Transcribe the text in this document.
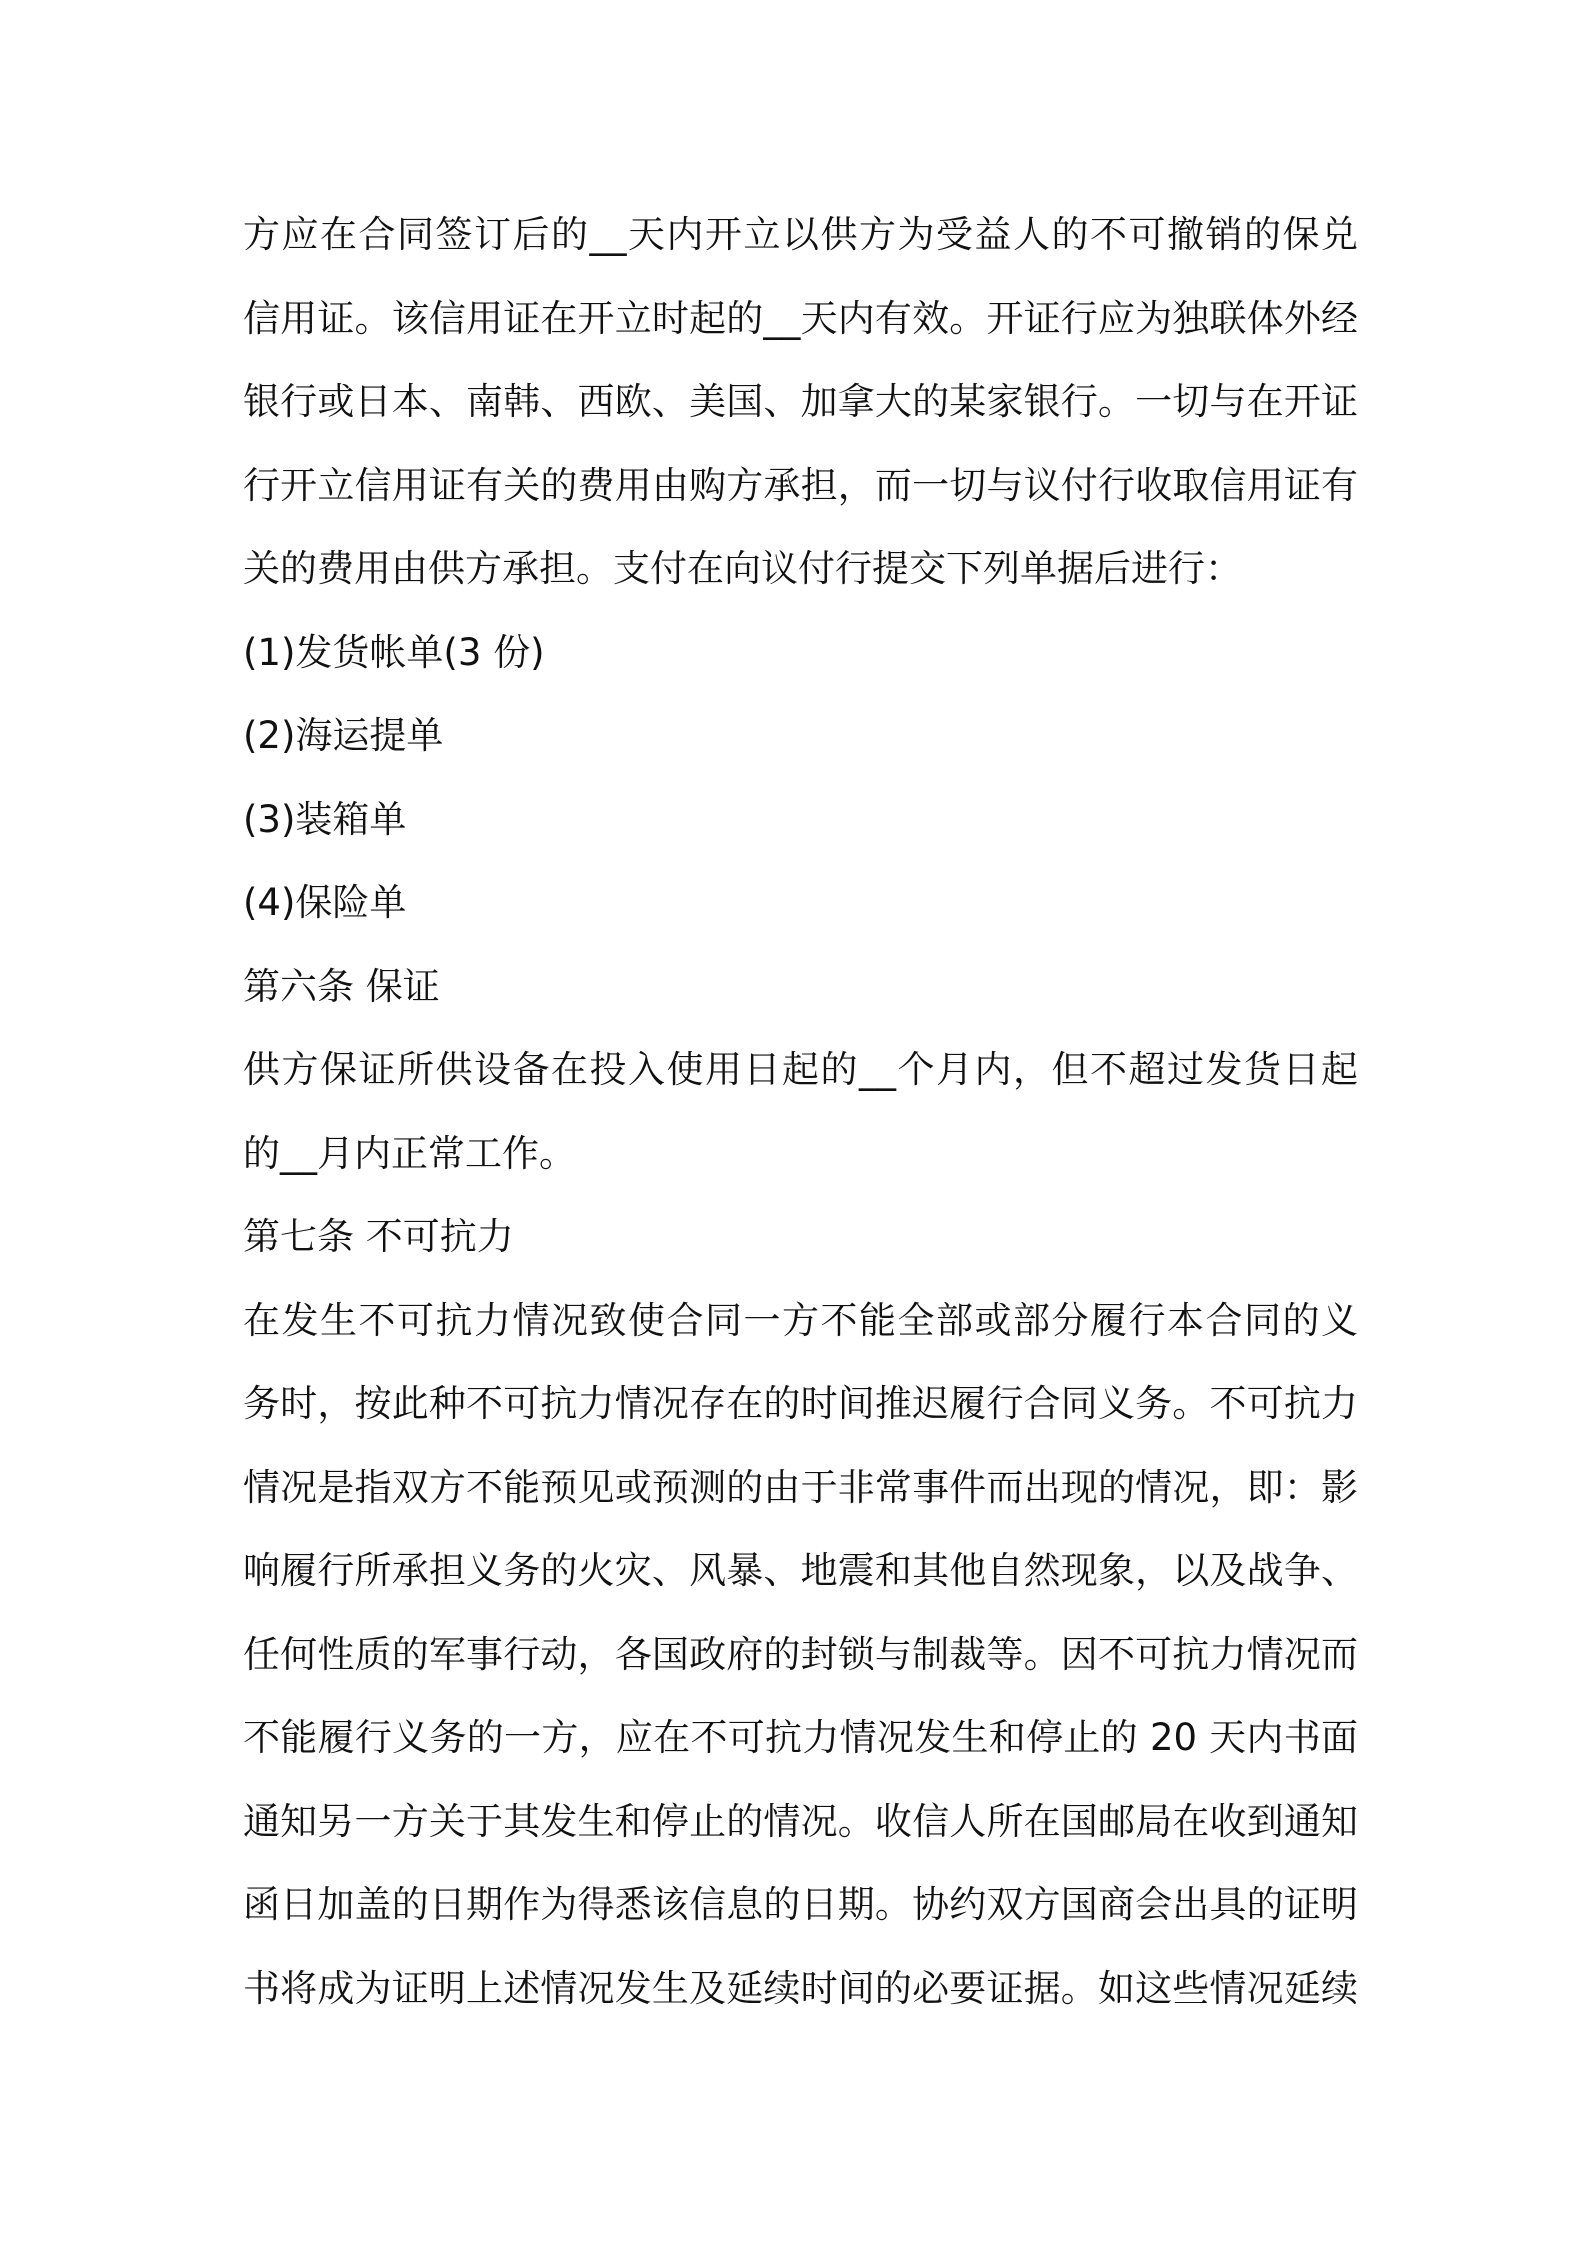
方应在合同签订后的__天内开立以供方为受益人的不可撤销的保兑
信用证。该信用证在开立时起的__天内有效。开证行应为独联体外经
银行或日本、南韩、西欧、美国、加拿大的某家银行。一切与在开证
行开立信用证有关的费用由购方承担，而一切与议付行收取信用证有
关的费用由供方承担。支付在向议付行提交下列单据后进行：
(1)发货帐单(3 份)
(2)海运提单
(3)装箱单
(4)保险单
第六条 保证
供方保证所供设备在投入使用日起的__个月内，但不超过发货日起
的__月内正常工作。
第七条 不可抗力
在发生不可抗力情况致使合同一方不能全部或部分履行本合同的义
务时，按此种不可抗力情况存在的时间推迟履行合同义务。不可抗力
情况是指双方不能预见或预测的由于非常事件而出现的情况，即：影
响履行所承担义务的火灾、风暴、地震和其他自然现象，以及战争、
任何性质的军事行动，各国政府的封锁与制裁等。因不可抗力情况而
不能履行义务的一方，应在不可抗力情况发生和停止的 20 天内书面
通知另一方关于其发生和停止的情况。收信人所在国邮局在收到通知
函日加盖的日期作为得悉该信息的日期。协约双方国商会出具的证明
书将成为证明上述情况发生及延续时间的必要证据。如这些情况延续
